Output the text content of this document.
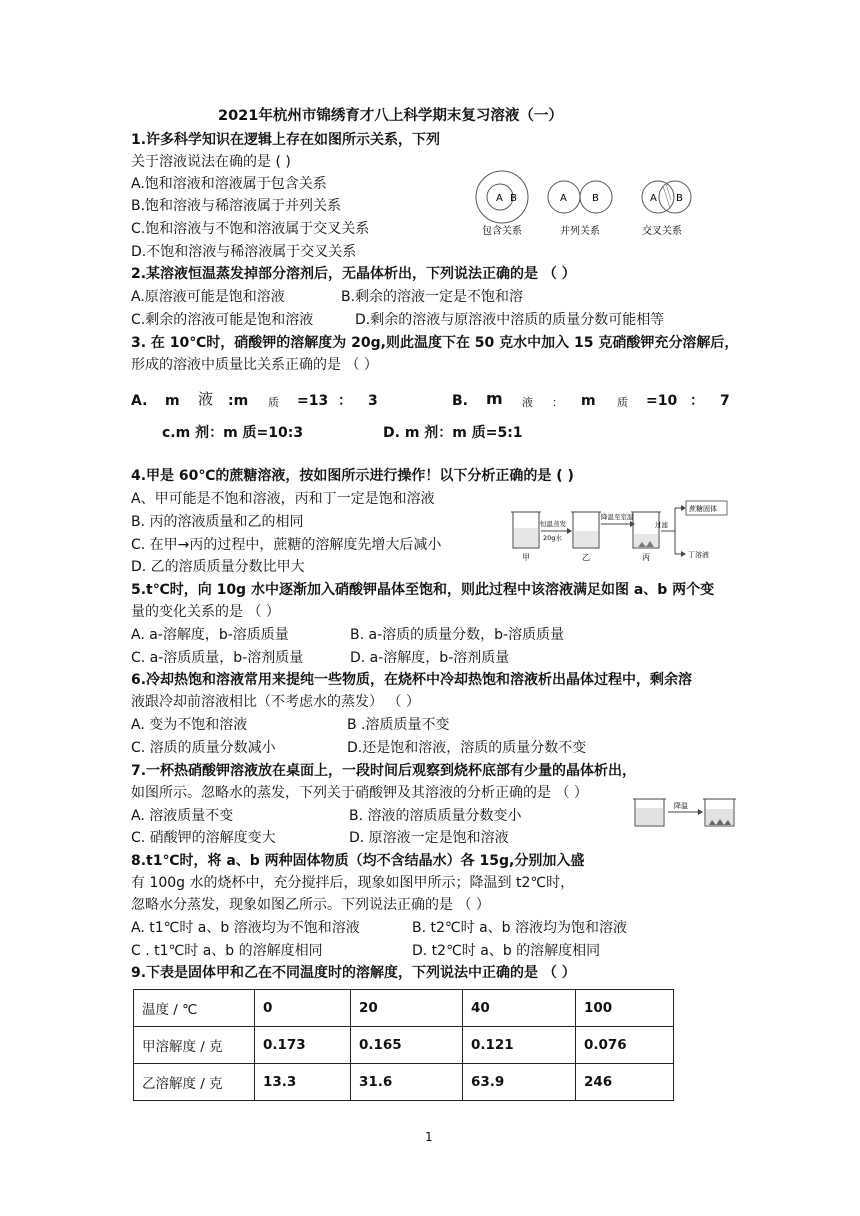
2021年杭州市锦绣育才八上科学期末复习溶液（一）
1.许多科学知识在逻辑上存在如图所示关系，下列
关于溶液说法在确的是 ( )
A.饱和溶液和溶液属于包含关系
B.饱和溶液与稀溶液属于并列关系
C.饱和溶液与不饱和溶液属于交叉关系
D.不饱和溶液与稀溶液属于交叉关系
A B
包含关系
A	B
并列关系
A B
交叉关系
2.某溶液恒温蒸发掉部分溶剂后，无晶体析出，下列说法正确的是 （ ）
A.原溶液可能是饱和溶液	B.剩余的溶液一定是不饱和溶
C.剩余的溶液可能是饱和溶液	D.剩余的溶液与原溶液中溶质的质量分数可能相等
3. 在 10℃时，硝酸钾的溶解度为 20g,则此温度下在 50 克水中加入 15 克硝酸钾充分溶解后，
形成的溶液中质量比关系正确的是 （ ）
A. m 液 :m 质 =13 ： 3	B. m 液 ： m 质 =10 ： 7
c.m 剂：m 质=10:3	D. m 剂：m 质=5:1
4.甲是 60℃的蔗糖溶液，按如图所示进行操作！以下分析正确的是 ( )
A、甲可能是不饱和溶液，丙和丁一定是饱和溶液
B. 丙的溶液质量和乙的相同
C. 在甲→丙的过程中，蔗糖的溶解度先增大后减小
D. 乙的溶质质量分数比甲大
甲
恒温蒸发
20g水
乙
降温至室温
丙
过滤
蔗糖固体
丁溶液
5.t℃时，向 10g 水中逐渐加入硝酸钾晶体至饱和，则此过程中该溶液满足如图 a、b 两个变
量的变化关系的是 （ ）
A. a-溶解度，b-溶质质量	B. a-溶质的质量分数，b-溶质质量
C. a-溶质质量，b-溶剂质量	D. a-溶解度，b-溶剂质量
6.冷却热饱和溶液常用来提纯一些物质，在烧杯中冷却热饱和溶液析出晶体过程中，剩余溶
液跟冷却前溶液相比（不考虑水的蒸发） （ ）
A. 变为不饱和溶液	B .溶质质量不变
C. 溶质的质量分数减小	D.还是饱和溶液，溶质的质量分数不变
7.一杯热硝酸钾溶液放在桌面上，一段时间后观察到烧杯底部有少量的晶体析出，
如图所示。忽略水的蒸发，下列关于硝酸钾及其溶液的分析正确的是 （ ）
A. 溶液质量不变	B. 溶液的溶质质量分数变小
C. 硝酸钾的溶解度变大	D. 原溶液一定是饱和溶液
降温
8.t1℃时，将 a、b 两种固体物质（均不含结晶水）各 15g,分别加入盛
有 100g 水的烧杯中，充分搅拌后，现象如图甲所示；降温到 t2℃时，
忽略水分蒸发，现象如图乙所示。下列说法正确的是 （ ）
A. t1℃时 a、b 溶液均为不饱和溶液	B. t2℃时 a、b 溶液均为饱和溶液
C . t1℃时 a、b 的溶解度相同	D. t2℃时 a、b 的溶解度相同
9.下表是固体甲和乙在不同温度时的溶解度，下列说法中正确的是 （ ）
温度 / ℃	0	20	40	100
甲溶解度 / 克	0.173	0.165	0.121	0.076
乙溶解度 / 克	13.3	31.6	63.9	246
1
